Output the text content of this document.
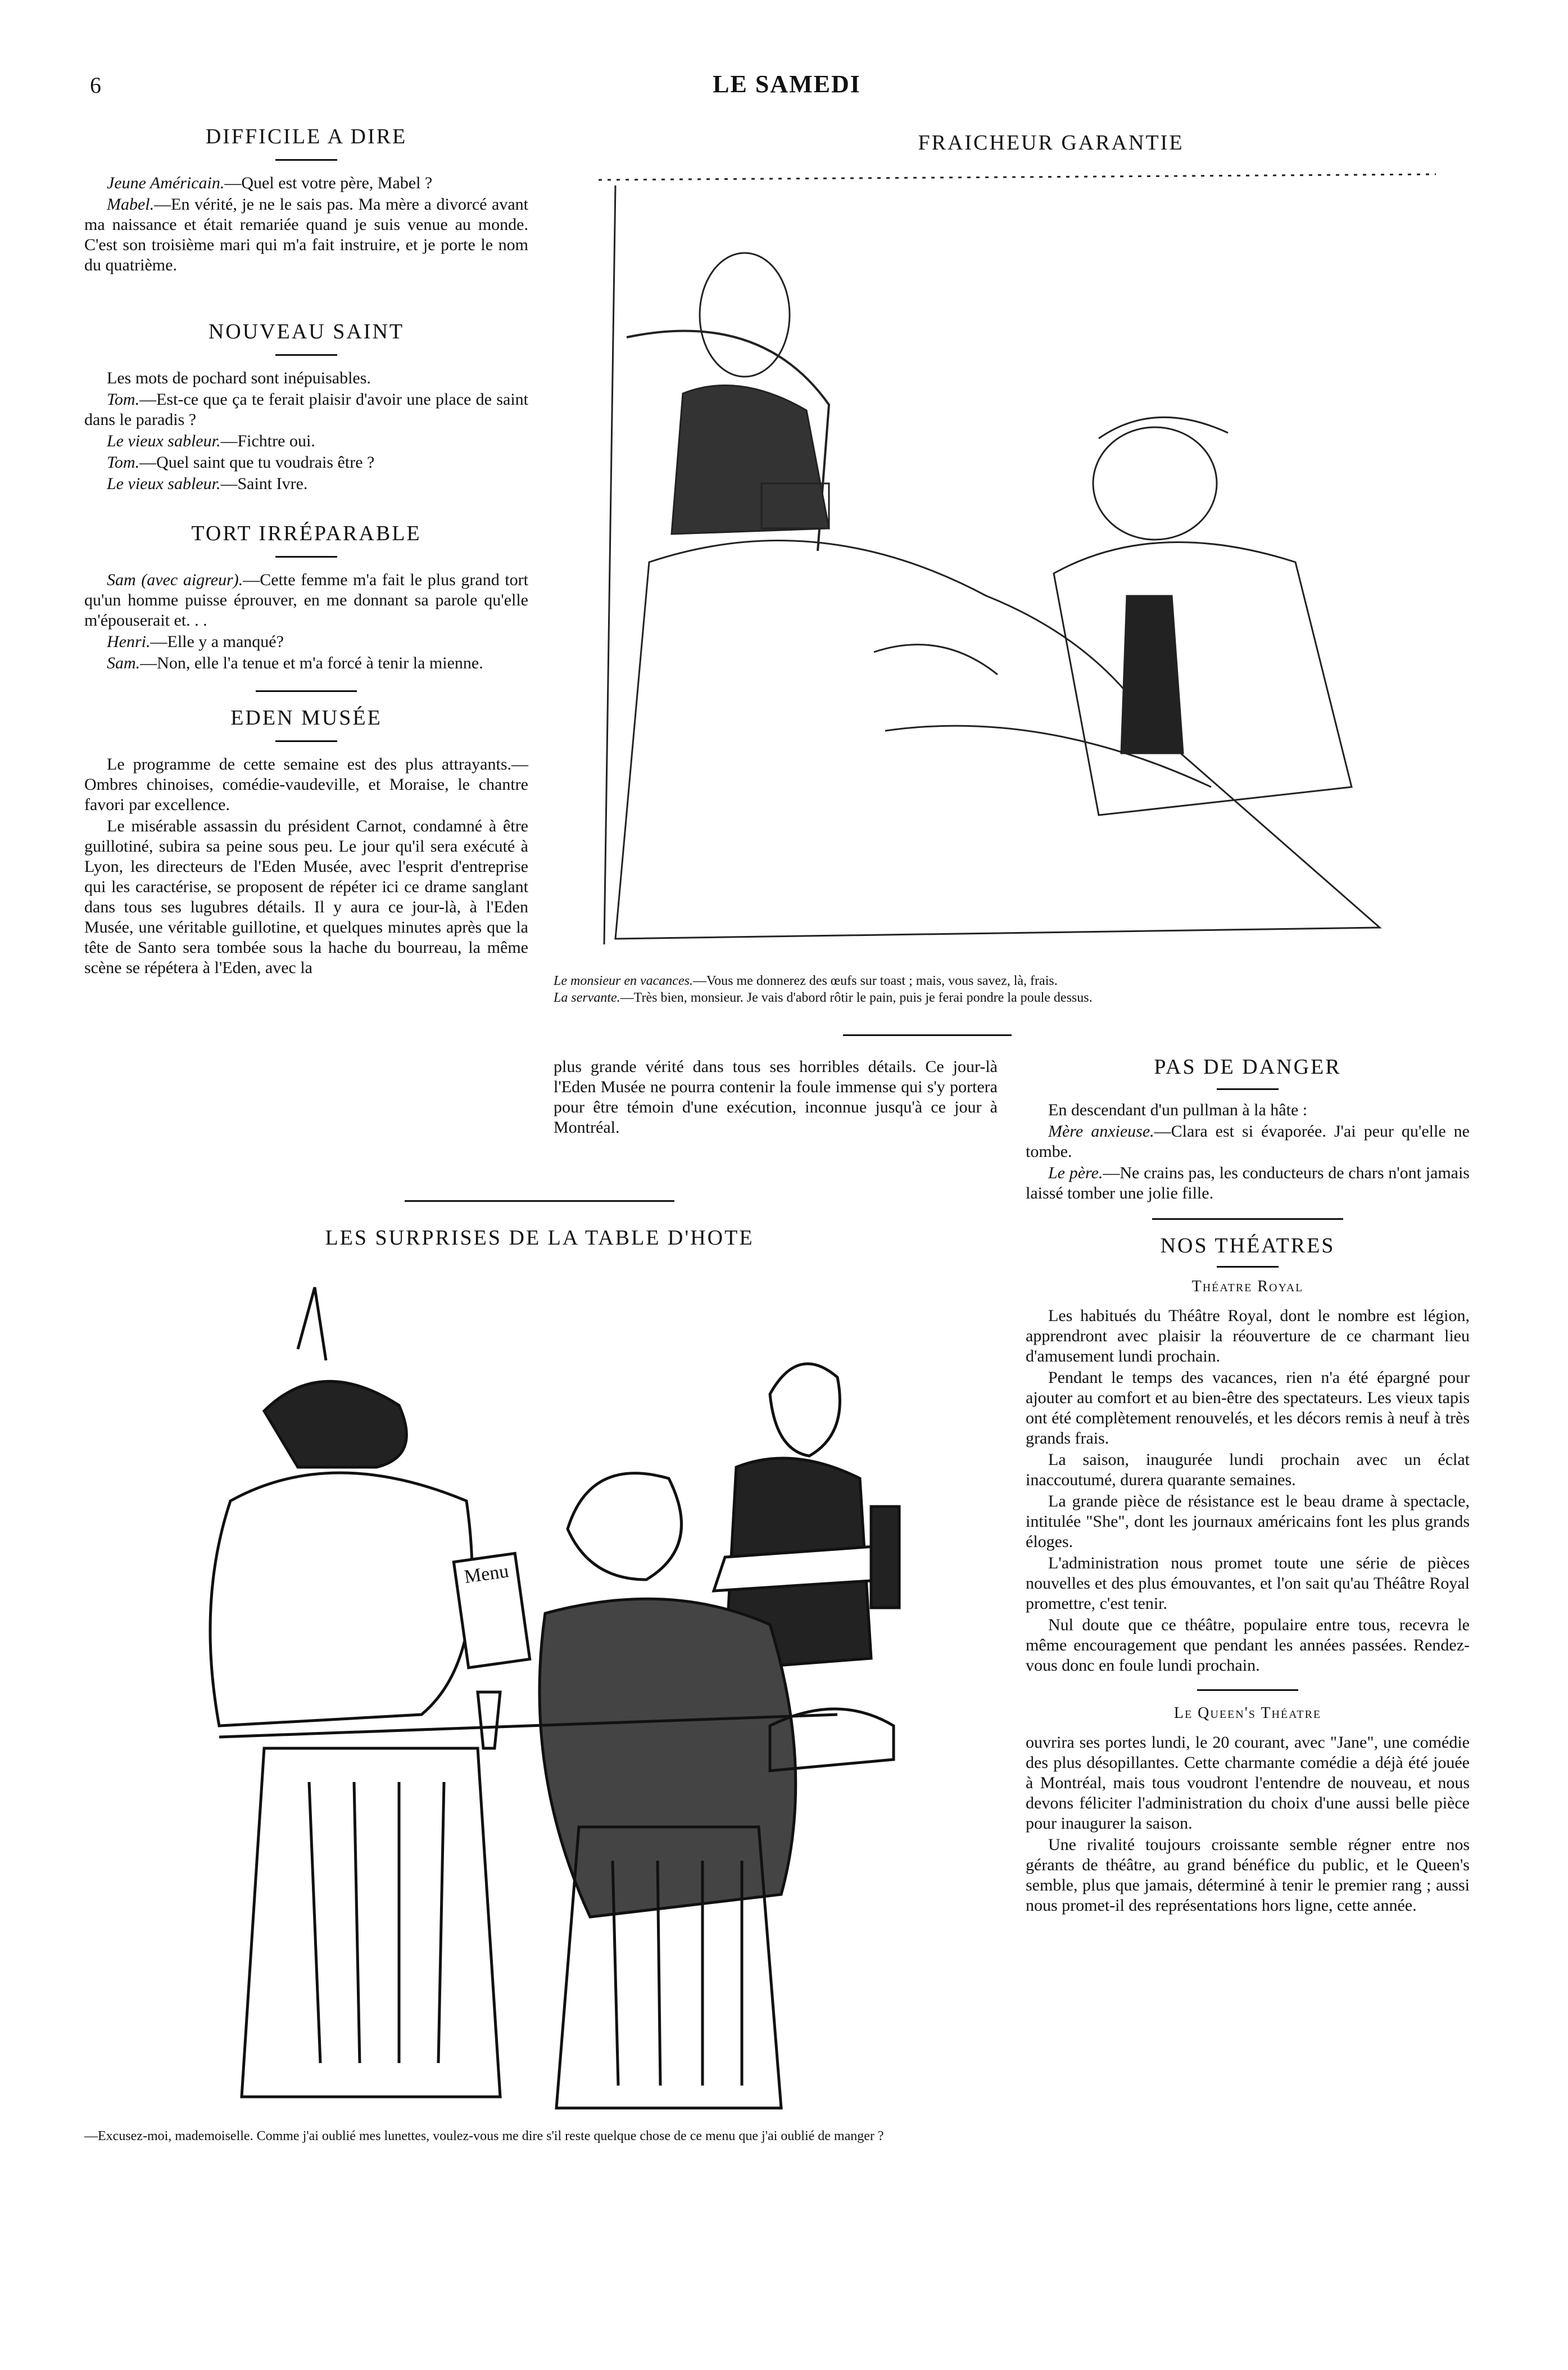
6	LE SAMEDI
DIFFICILE A DIRE

Jeune Américain.—Quel est votre père, Mabel ?

Mabel.—En vérité, je ne le sais pas. Ma mère a divorcé avant ma naissance et était remariée quand je suis venue au monde. C'est son troisième mari qui m'a fait instruire, et je porte le nom du quatrième.

NOUVEAU SAINT

Les mots de pochard sont inépuisables.

Tom.—Est-ce que ça te ferait plaisir d'avoir une place de saint dans le paradis ?

Le vieux sableur.—Fichtre oui.

Tom.—Quel saint que tu voudrais être ?

Le vieux sableur.—Saint Ivre.

TORT IRRÉPARABLE

Sam (avec aigreur).—Cette femme m'a fait le plus grand tort qu'un homme puisse éprouver, en me donnant sa parole qu'elle m'épouserait et. . .

Henri.—Elle y a manqué?

Sam.—Non, elle l'a tenue et m'a forcé à tenir la mienne.

EDEN MUSÉE

Le programme de cette semaine est des plus attrayants.— Ombres chinoises, comédie-vaudeville, et Moraise, le chantre favori par excellence.

Le misérable assassin du président Carnot, condamné à être guillotiné, subira sa peine sous peu. Le jour qu'il sera exécuté à Lyon, les directeurs de l'Eden Musée, avec l'esprit d'entreprise qui les caractérise, se proposent de répéter ici ce drame sanglant dans tous ses lugubres détails. Il y aura ce jour-là, à l'Eden Musée, une véritable guillotine, et quelques minutes après que la tête de Santo sera tombée sous la hache du bourreau, la même scène se répétera à l'Eden, avec la

plus grande vérité dans tous ses horribles détails. Ce jour-là l'Eden Musée ne pourra contenir la foule immense qui s'y portera pour être témoin d'une exécution, inconnue jusqu'à ce jour à Montréal.

FRAICHEUR GARANTIE
Le monsieur en vacances.—Vous me donnerez des œufs sur toast ; mais, vous savez, là, frais.
La servante.—Très bien, monsieur. Je vais d'abord rôtir le pain, puis je ferai pondre la poule dessus.
PAS DE DANGER

En descendant d'un pullman à la hâte :

Mère anxieuse.—Clara est si évaporée. J'ai peur qu'elle ne tombe.

Le père.—Ne crains pas, les conducteurs de chars n'ont jamais laissé tomber une jolie fille.

NOS THÉATRES
Théatre Royal

Les habitués du Théâtre Royal, dont le nombre est légion, apprendront avec plaisir la réouverture de ce charmant lieu d'amusement lundi prochain.

Pendant le temps des vacances, rien n'a été épargné pour ajouter au comfort et au bien-être des spectateurs. Les vieux tapis ont été complètement renouvelés, et les décors remis à neuf à très grands frais.

La saison, inaugurée lundi prochain avec un éclat inaccoutumé, durera quarante semaines.

La grande pièce de résistance est le beau drame à spectacle, intitulée "She", dont les journaux américains font les plus grands éloges.

L'administration nous promet toute une série de pièces nouvelles et des plus émouvantes, et l'on sait qu'au Théâtre Royal promettre, c'est tenir.

Nul doute que ce théâtre, populaire entre tous, recevra le même encouragement que pendant les années passées. Rendez-vous donc en foule lundi prochain.

Le Queen's Théatre

ouvrira ses portes lundi, le 20 courant, avec "Jane", une comédie des plus désopillantes. Cette charmante comédie a déjà été jouée à Montréal, mais tous voudront l'entendre de nouveau, et nous devons féliciter l'administration du choix d'une aussi belle pièce pour inaugurer la saison.

Une rivalité toujours croissante semble régner entre nos gérants de théâtre, au grand bénéfice du public, et le Queen's semble, plus que jamais, déterminé à tenir le premier rang ; aussi nous promet-il des représentations hors ligne, cette année.

LES SURPRISES DE LA TABLE D'HOTE
Menu
—Excusez-moi, mademoiselle. Comme j'ai oublié mes lunettes, voulez-vous me dire s'il reste quelque chose de ce menu que j'ai oublié de manger ?
